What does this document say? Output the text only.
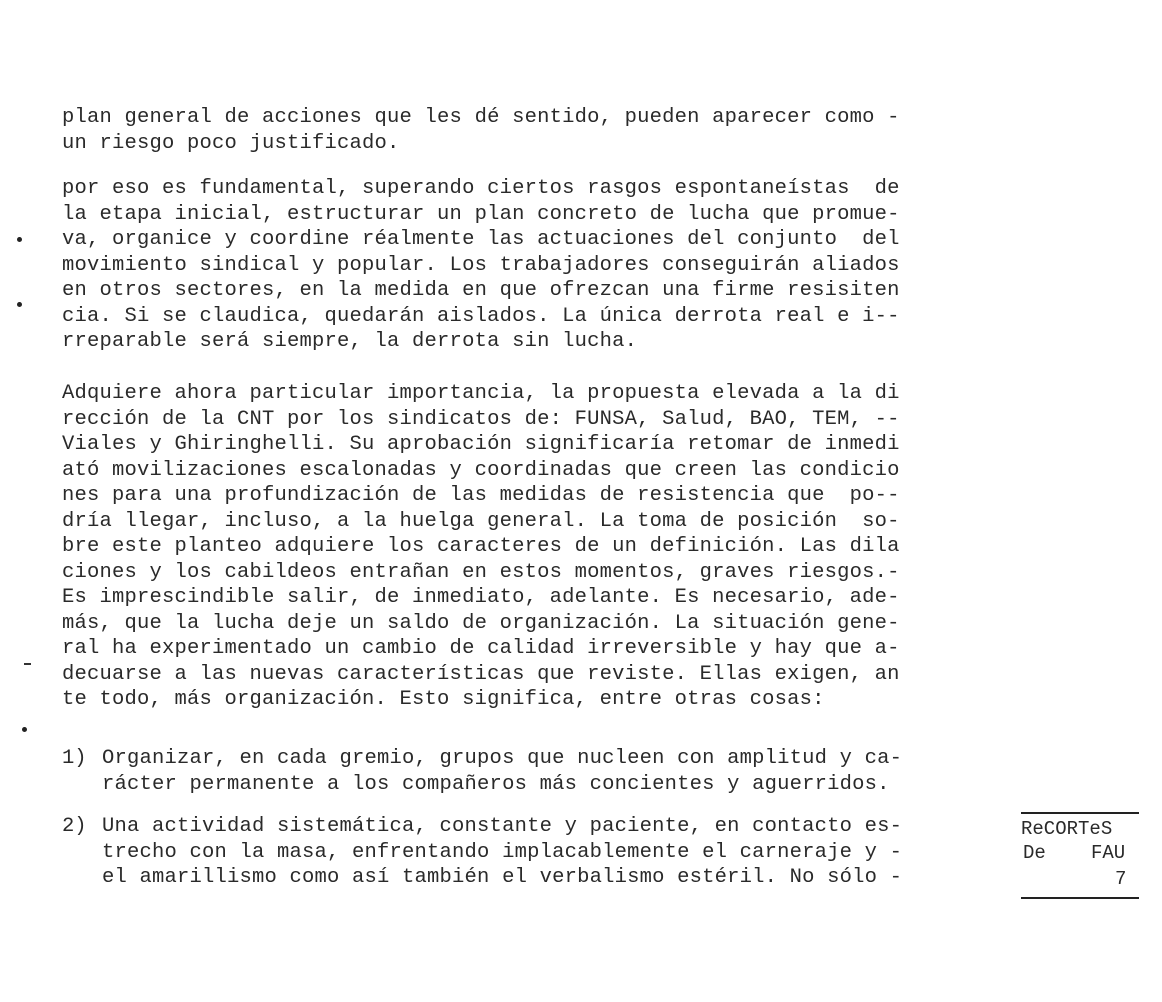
plan general de acciones que les dé sentido, pueden aparecer como -
un riesgo poco justificado.
por eso es fundamental, superando ciertos rasgos espontaneístas  de
la etapa inicial, estructurar un plan concreto de lucha que promue-
va, organice y coordine réalmente las actuaciones del conjunto  del
movimiento sindical y popular. Los trabajadores conseguirán aliados
en otros sectores, en la medida en que ofrezcan una firme resisiten
cia. Si se claudica, quedarán aislados. La única derrota real e i--
rreparable será siempre, la derrota sin lucha.
Adquiere ahora particular importancia, la propuesta elevada a la di
rección de la CNT por los sindicatos de: FUNSA, Salud, BAO, TEM, --
Viales y Ghiringhelli. Su aprobación significaría retomar de inmedi
ató movilizaciones escalonadas y coordinadas que creen las condicio
nes para una profundización de las medidas de resistencia que  po--
dría llegar, incluso, a la huelga general. La toma de posición  so-
bre este planteo adquiere los caracteres de un definición. Las dila
ciones y los cabildeos entrañan en estos momentos, graves riesgos.-
Es imprescindible salir, de inmediato, adelante. Es necesario, ade-
más, que la lucha deje un saldo de organización. La situación gene-
ral ha experimentado un cambio de calidad irreversible y hay que a-
decuarse a las nuevas características que reviste. Ellas exigen, an
te todo, más organización. Esto significa, entre otras cosas:
1) Organizar, en cada gremio, grupos que nucleen con amplitud y ca-
rácter permanente a los compañeros más concientes y aguerridos.
2) Una actividad sistemática, constante y paciente, en contacto es-
trecho con la masa, enfrentando implacablemente el carneraje y -
el amarillismo como así también el verbalismo estéril. No sólo -
ReCORTeS
De FAU
7
